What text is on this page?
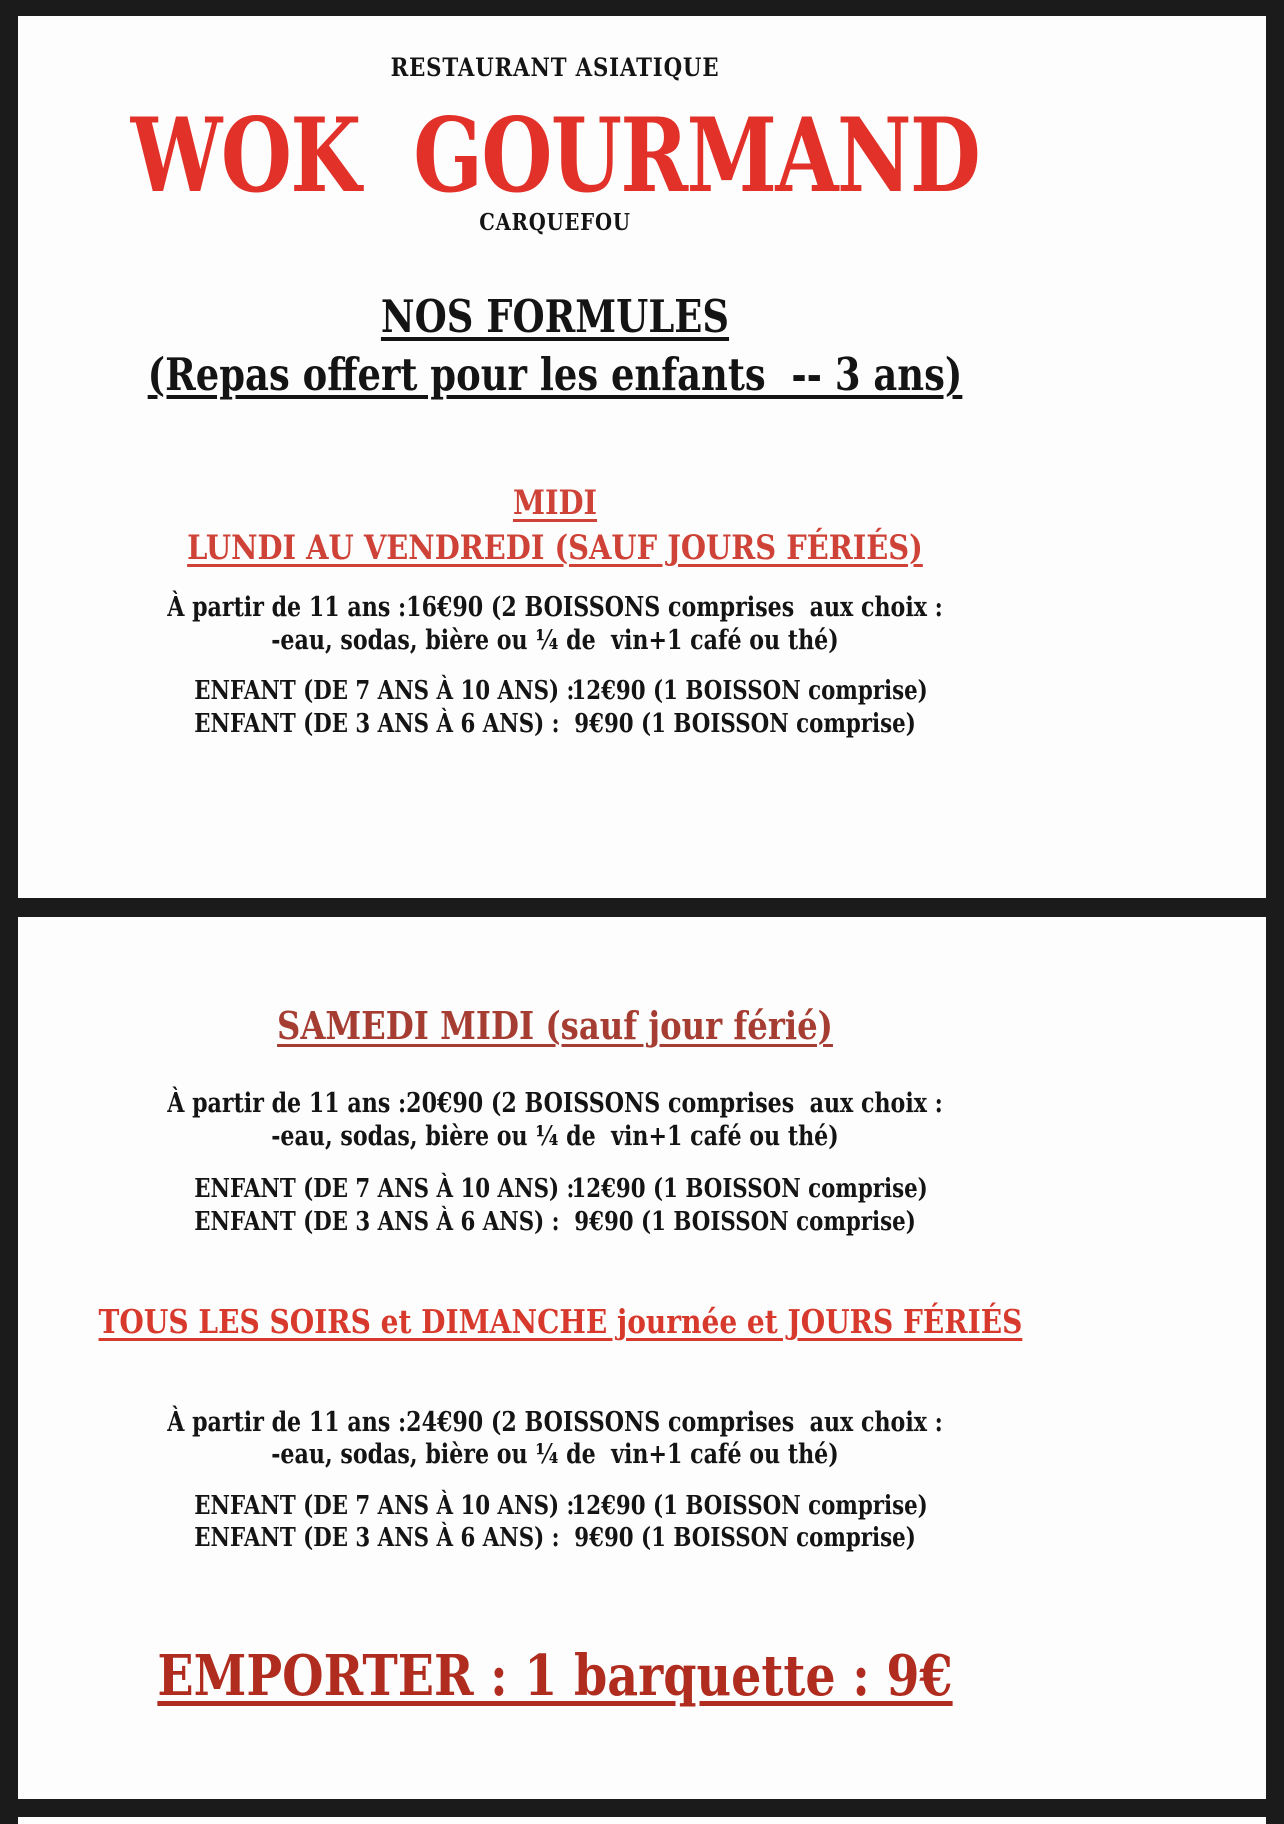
RESTAURANT ASIATIQUE
WOK  GOURMAND
CARQUEFOU
NOS FORMULES
(Repas offert pour les enfants  -- 3 ans)
MIDI
LUNDI AU VENDREDI (SAUF JOURS FÉRIÉS)

À partir de 11 ans :16€90 (2 BOISSONS comprises  aux choix :

-eau, sodas, bière ou ¼ de  vin+1 café ou thé)

ENFANT (DE 7 ANS À 10 ANS) :
12€90 (1 BOISSON comprise)
ENFANT (DE 3 ANS À 6 ANS) : 9€90 (1 BOISSON comprise)
SAMEDI MIDI (sauf jour férié)

À partir de 11 ans :20€90 (2 BOISSONS comprises  aux choix :

-eau, sodas, bière ou ¼ de  vin+1 café ou thé)

ENFANT (DE 7 ANS À 10 ANS) :
12€90 (1 BOISSON comprise)
ENFANT (DE 3 ANS À 6 ANS) : 9€90 (1 BOISSON comprise)
TOUS LES SOIRS et DIMANCHE journée et JOURS FÉRIÉS

À partir de 11 ans :24€90 (2 BOISSONS comprises  aux choix :

-eau, sodas, bière ou ¼ de  vin+1 café ou thé)

ENFANT (DE 7 ANS À 10 ANS) :
12€90 (1 BOISSON comprise)
ENFANT (DE 3 ANS À 6 ANS) : 9€90 (1 BOISSON comprise)
EMPORTER : 1 barquette : 9€
